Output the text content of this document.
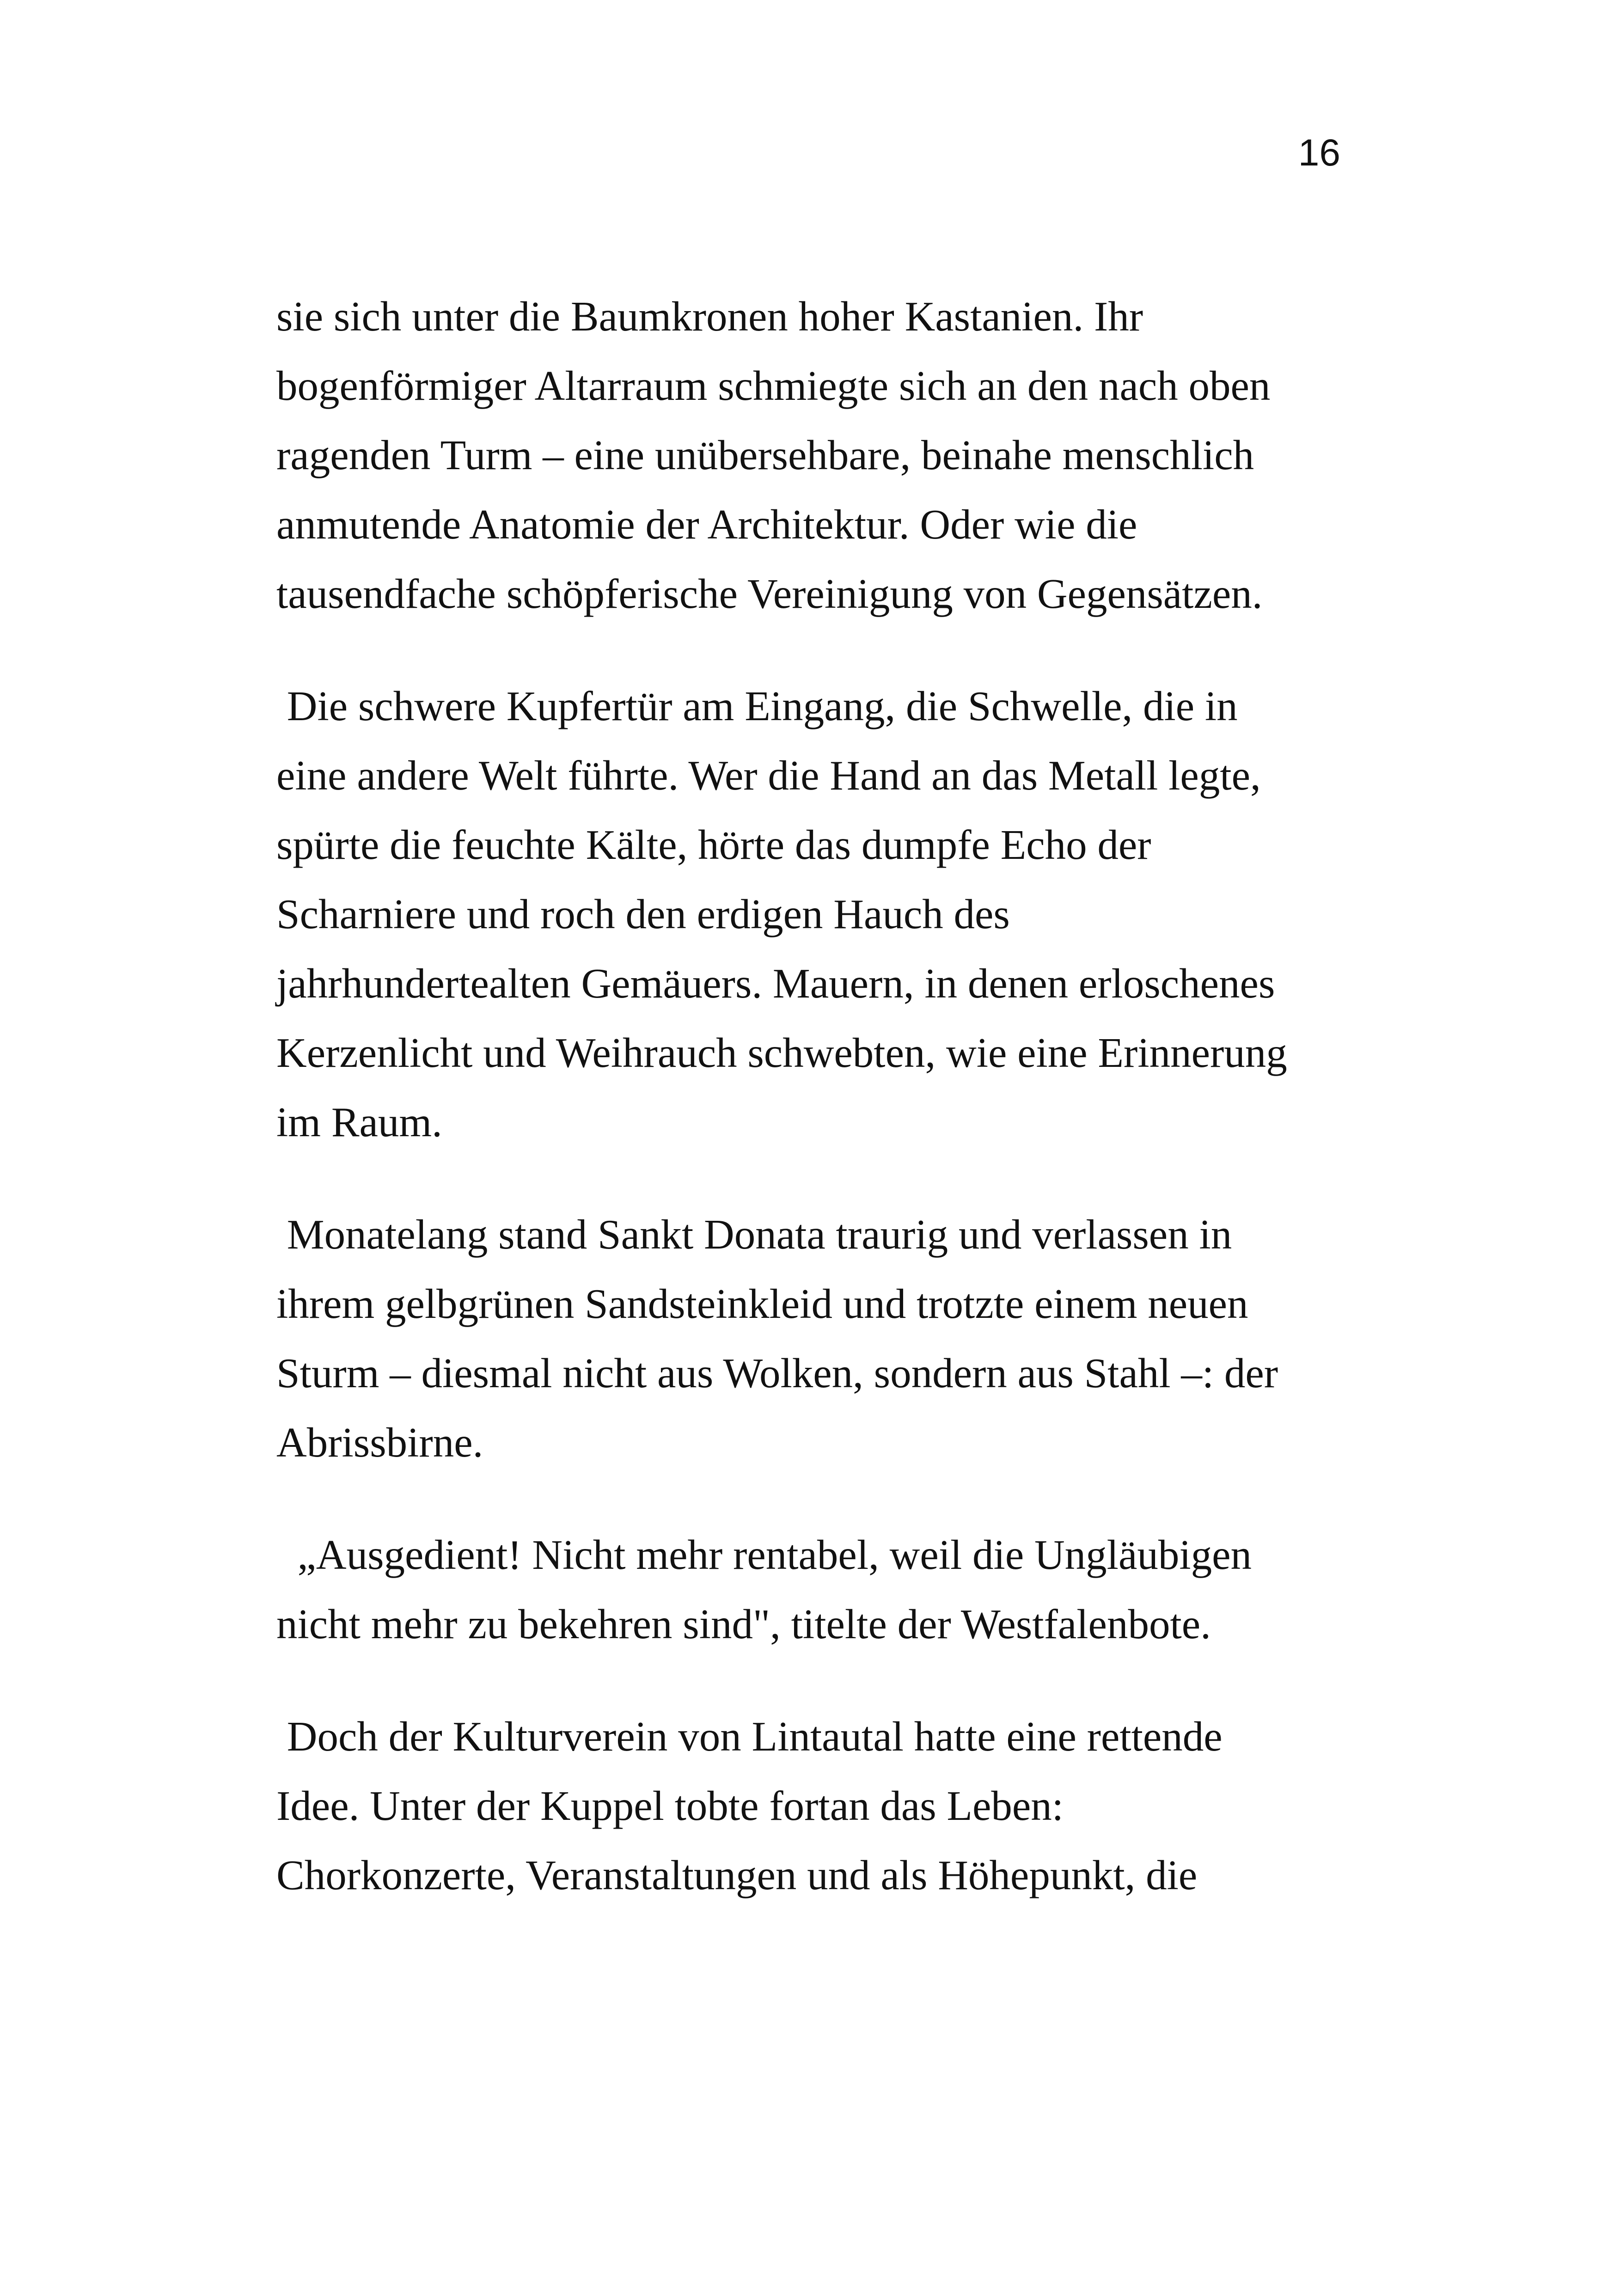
16
sie sich unter die Baumkronen hoher Kastanien. Ihr
bogenförmiger Altarraum schmiegte sich an den nach oben
ragenden Turm – eine unübersehbare, beinahe menschlich
anmutende Anatomie der Architektur. Oder wie die
tausendfache schöpferische Vereinigung von Gegensätzen.
Die schwere Kupfertür am Eingang, die Schwelle, die in
eine andere Welt führte. Wer die Hand an das Metall legte,
spürte die feuchte Kälte, hörte das dumpfe Echo der
Scharniere und roch den erdigen Hauch des
jahrhundertealten Gemäuers. Mauern, in denen erloschenes
Kerzenlicht und Weihrauch schwebten, wie eine Erinnerung
im Raum.
Monatelang stand Sankt Donata traurig und verlassen in
ihrem gelbgrünen Sandsteinkleid und trotzte einem neuen
Sturm – diesmal nicht aus Wolken, sondern aus Stahl –: der
Abrissbirne.
„Ausgedient! Nicht mehr rentabel, weil die Ungläubigen
nicht mehr zu bekehren sind", titelte der Westfalenbote.
Doch der Kulturverein von Lintautal hatte eine rettende
Idee. Unter der Kuppel tobte fortan das Leben:
Chorkonzerte, Veranstaltungen und als Höhepunkt, die
